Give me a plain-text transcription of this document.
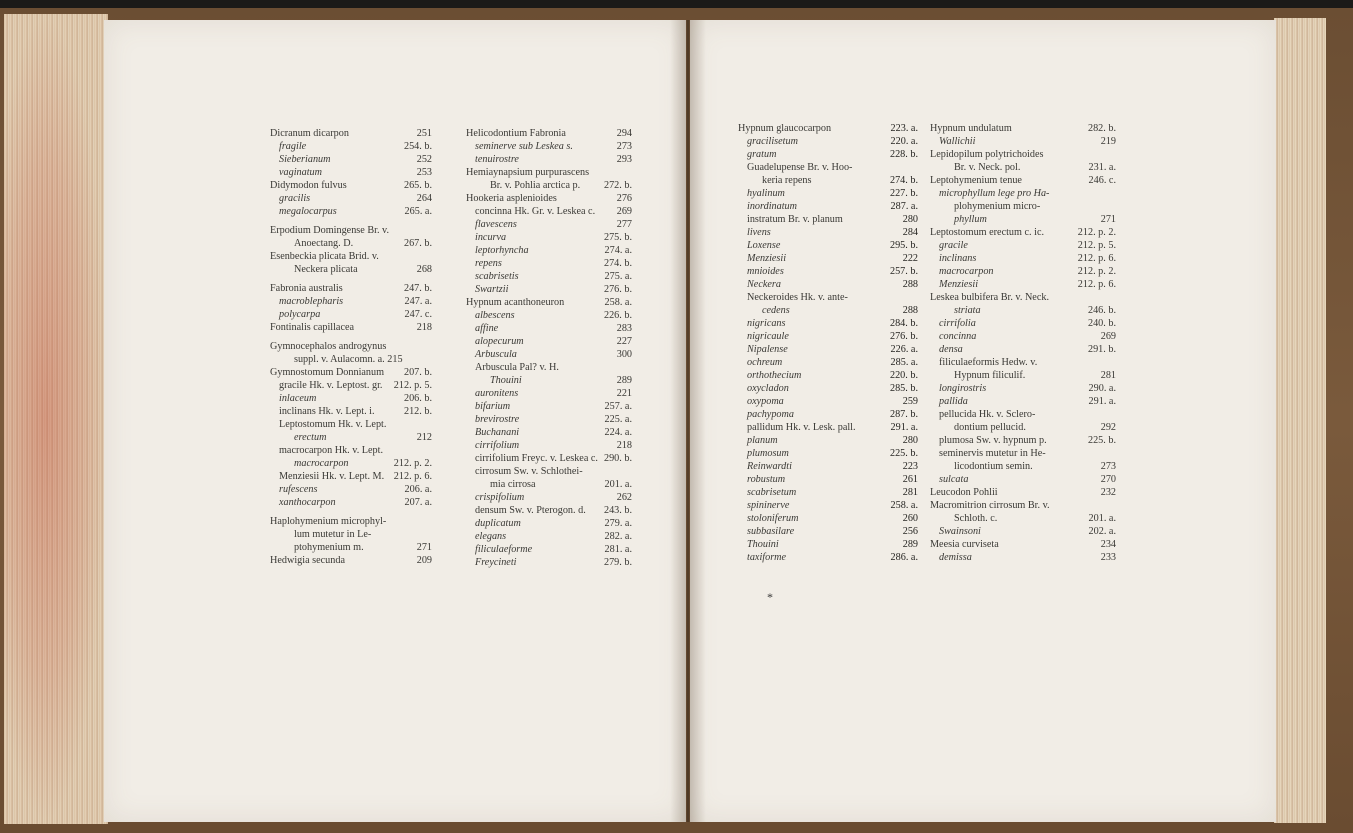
Dicranum dicarpon	251
fragile	254. b.
Sieberianum	252
vaginatum	253
Didymodon fulvus	265. b.
gracilis	264
megalocarpus	265. a.
Erpodium Domingense Br. v.
Anoectang. D.	267. b.
Esenbeckia plicata Brid. v.
Neckera plicata	268
Fabronia australis	247. b.
macroblepharis	247. a.
polycarpa	247. c.
Fontinalis capillacea	218
Gymnocephalos androgynus
suppl. v. Aulacomn. a. 215
Gymnostomum Donnianum	207. b.
gracile Hk. v. Leptost. gr.	212. p. 5.
inlaceum	206. b.
inclinans Hk. v. Lept. i.	212. b.
Leptostomum Hk. v. Lept.
erectum	212
macrocarpon Hk. v. Lept.
macrocarpon	212. p. 2.
Menziesii Hk. v. Lept. M. 212. p. 6.
rufescens	206. a.
xanthocarpon	207. a.
Haplohymenium microphyl-
lum mutetur in Le-
ptohymenium m.	271
Hedwigia secunda	209
Helicodontium Fabronia	294
seminerve sub Leskea s.	273
tenuirostre	293
Hemiaynapsium purpurascens
Br. v. Pohlia arctica p.	272. b.
Hookeria asplenioides	276
concinna Hk. Gr. v. Leskea c.	269
flavescens	277
incurva	275. b.
leptorhyncha	274. a.
repens	274. b.
scabrisetis	275. a.
Swartzii	276. b.
Hypnum acanthoneuron	258. a.
albescens	226. b.
affine	283
alopecurum	227
Arbuscula	300
Arbuscula Pal? v. H.
Thouini	289
auronitens	221
bifarium	257. a.
brevirostre	225. a.
Buchanani	224. a.
cirrifolium	218
cirrifolium Freyc. v. Leskea c. 290. b.
cirrosum Sw. v. Schlothei-
mia cirrosa	201. a.
crispifolium	262
densum Sw. v. Pterogon. d.	243. b.
duplicatum	279. a.
elegans	282. a.
filiculaeforme	281. a.
Freycineti	279. b.
Hypnum glaucocarpon	223. a.
gracilisetum	220. a.
gratum	228. b.
Guadelupense Br. v. Hoo-
keria repens	274. b.
hyalinum	227. b.
inordinatum	287. a.
instratum Br. v. planum	280
livens	284
Loxense	295. b.
Menziesii	222
mnioides	257. b.
Neckera	288
Neckeroides Hk. v. ante-
cedens	288
nigricans	284. b.
nigricaule	276. b.
Nipalense	226. a.
ochreum	285. a.
orthothecium	220. b.
oxycladon	285. b.
oxypoma	259
pachypoma	287. b.
pallidum Hk. v. Lesk. pall.	291. a.
planum	280
plumosum	225. b.
Reinwardti	223
robustum	261
scabrisetum	281
spininerve	258. a.
stoloniferum	260
subbasilare	256
Thouini	289
taxiforme	286. a.
Hypnum undulatum	282. b.
Wallichii	219
Lepidopilum polytrichoides
Br. v. Neck. pol.	231. a.
Leptohymenium tenue	246. c.
microphyllum lege pro Ha-
plohymenium micro-
phyllum	271
Leptostomum erectum c. ic.	212. p. 2.
gracile	212. p. 5.
inclinans	212. p. 6.
macrocarpon	212. p. 2.
Menziesii	212. p. 6.
Leskea bulbifera Br. v. Neck.
striata	246. b.
cirrifolia	240. b.
concinna	269
densa	291. b.
filiculaeformis Hedw. v.
Hypnum filiculif.	281
longirostris	290. a.
pallida	291. a.
pellucida Hk. v. Sclero-
dontium pellucid.	292
plumosa Sw. v. hypnum p.	225. b.
seminervis mutetur in He-
licodontium semin.	273
sulcata	270
Leucodon Pohlii	232
Macromitrion cirrosum Br. v.
Schloth. c.	201. a.
Swainsoni	202. a.
Meesia curviseta	234
demissa	233
*
